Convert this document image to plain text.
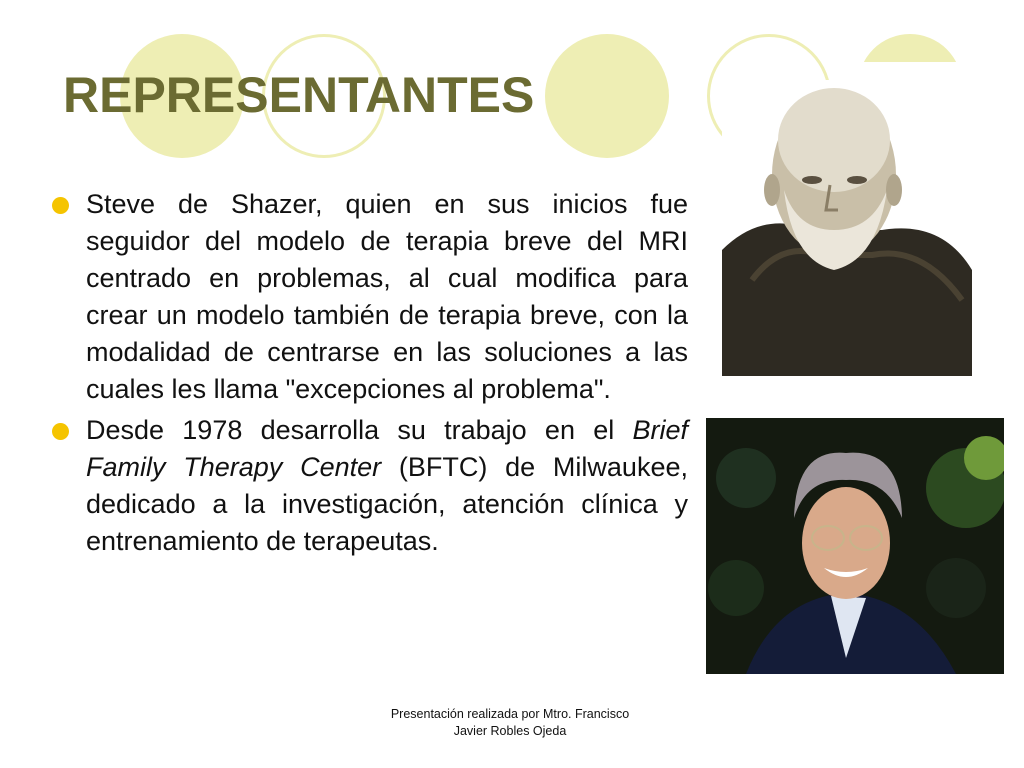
REPRESENTANTES
Steve de Shazer, quien en sus inicios fue seguidor del modelo de terapia breve del MRI centrado en problemas, al cual modifica para crear un modelo también de terapia breve, con la modalidad de centrarse en las soluciones a las cuales les llama "excepciones al problema".
Desde 1978 desarrolla su trabajo en el Brief Family Therapy Center (BFTC) de Milwaukee, dedicado a la investigación, atención clínica y entrenamiento de terapeutas.
Presentación realizada por Mtro. Francisco
Javier Robles Ojeda
